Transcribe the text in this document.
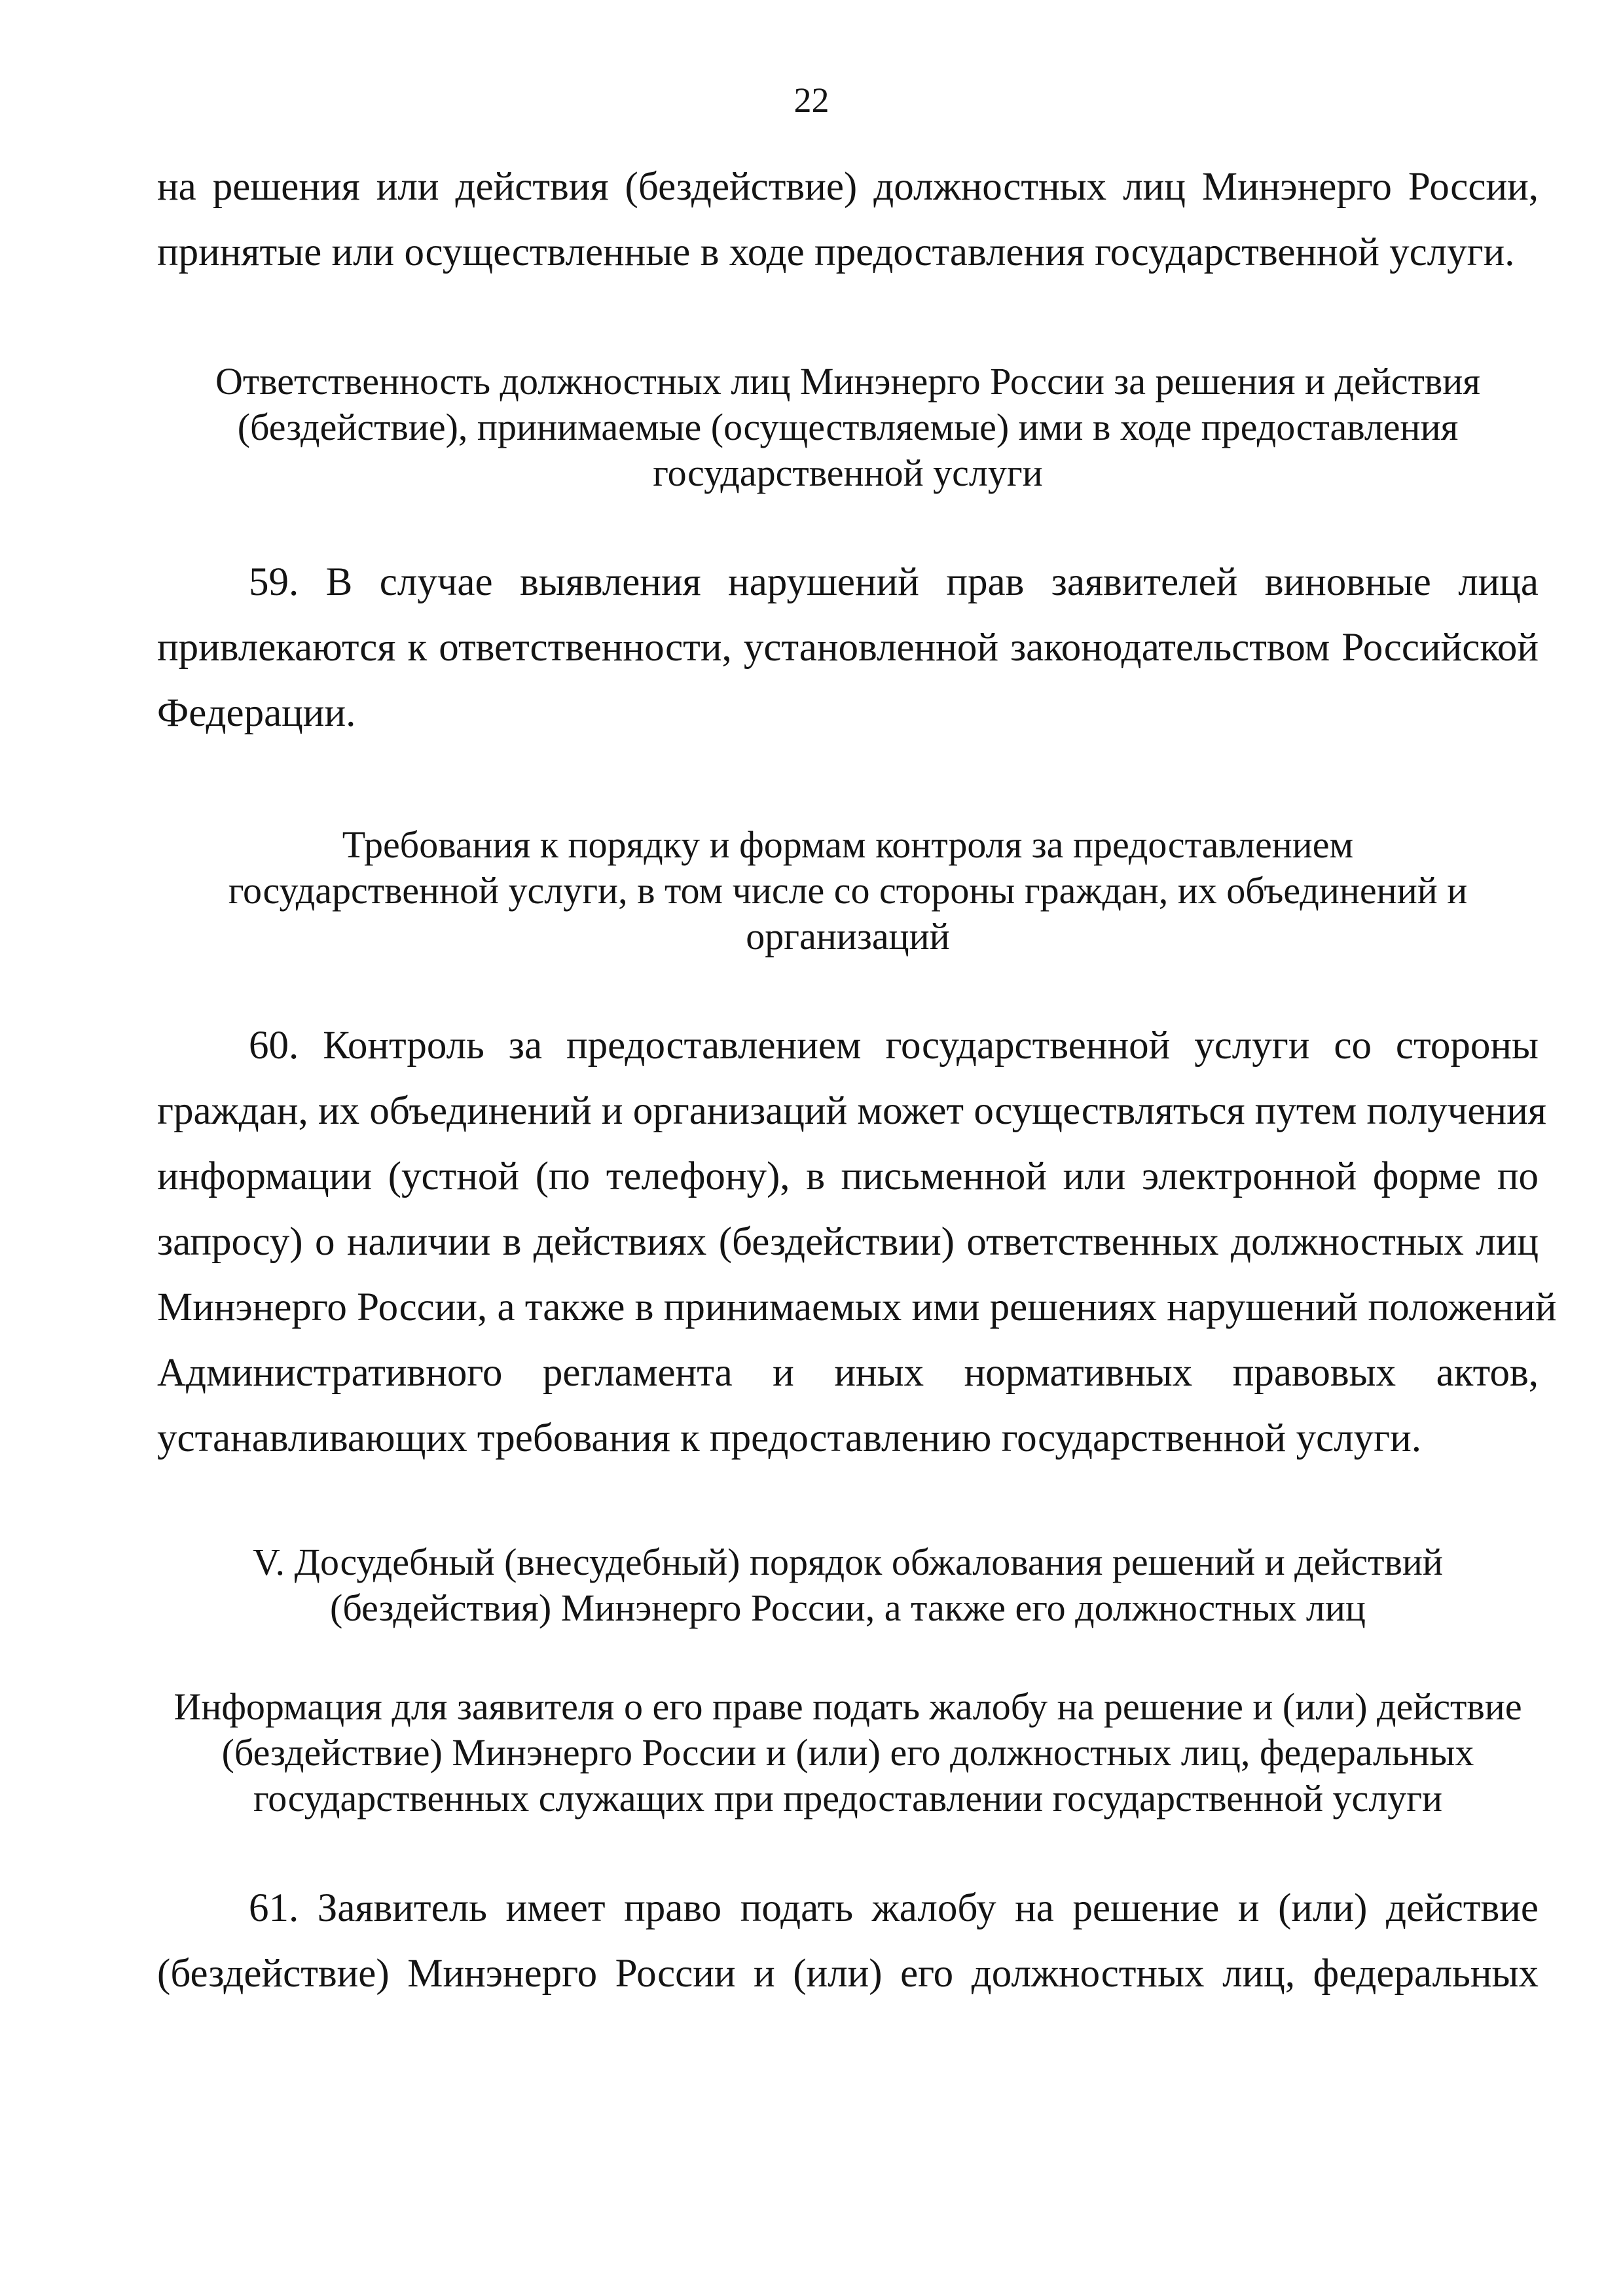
22
на решения или действия (бездействие) должностных лиц Минэнерго России,
принятые или осуществленные в ходе предоставления государственной услуги.
Ответственность должностных лиц Минэнерго России за решения и действия
(бездействие), принимаемые (осуществляемые) ими в ходе предоставления
государственной услуги
59. В случае выявления нарушений прав заявителей виновные лица
привлекаются к ответственности, установленной законодательством Российской
Федерации.
Требования к порядку и формам контроля за предоставлением
государственной услуги, в том числе со стороны граждан, их объединений и
организаций
60. Контроль за предоставлением государственной услуги со стороны
граждан, их объединений и организаций может осуществляться путем получения
информации (устной (по телефону), в письменной или электронной форме по
запросу) о наличии в действиях (бездействии) ответственных должностных лиц
Минэнерго России, а также в принимаемых ими решениях нарушений положений
Административного регламента и иных нормативных правовых актов,
устанавливающих требования к предоставлению государственной услуги.
V. Досудебный (внесудебный) порядок обжалования решений и действий
(бездействия) Минэнерго России, а также его должностных лиц
Информация для заявителя о его праве подать жалобу на решение и (или) действие
(бездействие) Минэнерго России и (или) его должностных лиц, федеральных
государственных служащих при предоставлении государственной услуги
61. Заявитель имеет право подать жалобу на решение и (или) действие
(бездействие) Минэнерго России и (или) его должностных лиц, федеральных
